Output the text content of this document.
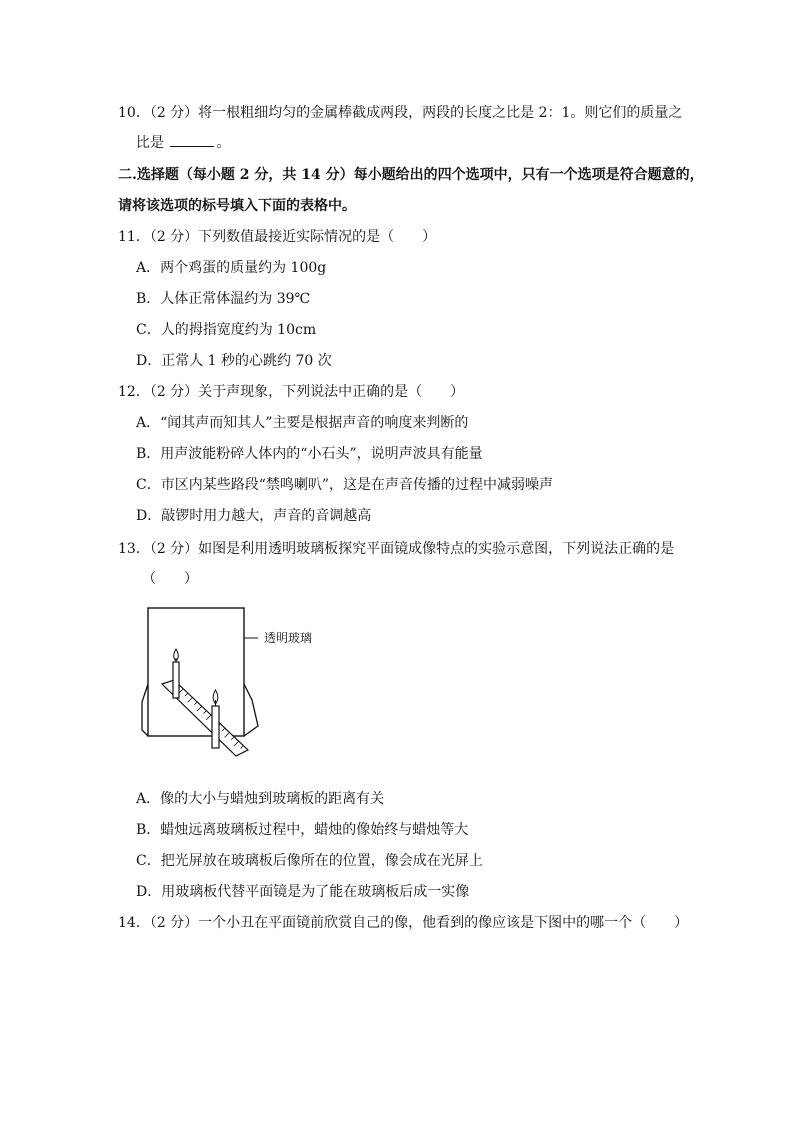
10．（2 分）将一根粗细均匀的金属棒截成两段，两段的长度之比是 2：1。则它们的质量之
比是	。
二.选择题（每小题 2 分，共 14 分）每小题给出的四个选项中，只有一个选项是符合题意的，
请将该选项的标号填入下面的表格中。
11．（2 分）下列数值最接近实际情况的是（　　）
A．两个鸡蛋的质量约为 100g
B．人体正常体温约为 39℃
C．人的拇指宽度约为 10cm
D．正常人 1 秒的心跳约 70 次
12．（2 分）关于声现象，下列说法中正确的是（　　）
A．“闻其声而知其人”主要是根据声音的响度来判断的
B．用声波能粉碎人体内的“小石头”，说明声波具有能量
C．市区内某些路段“禁鸣喇叭”，这是在声音传播的过程中减弱噪声
D．敲锣时用力越大，声音的音调越高
13．（2 分）如图是利用透明玻璃板探究平面镜成像特点的实验示意图，下列说法正确的是
（　　）
透明玻璃
A．像的大小与蜡烛到玻璃板的距离有关
B．蜡烛远离玻璃板过程中，蜡烛的像始终与蜡烛等大
C．把光屏放在玻璃板后像所在的位置，像会成在光屏上
D．用玻璃板代替平面镜是为了能在玻璃板后成一实像
14．（2 分）一个小丑在平面镜前欣赏自己的像，他看到的像应该是下图中的哪一个（　　）
